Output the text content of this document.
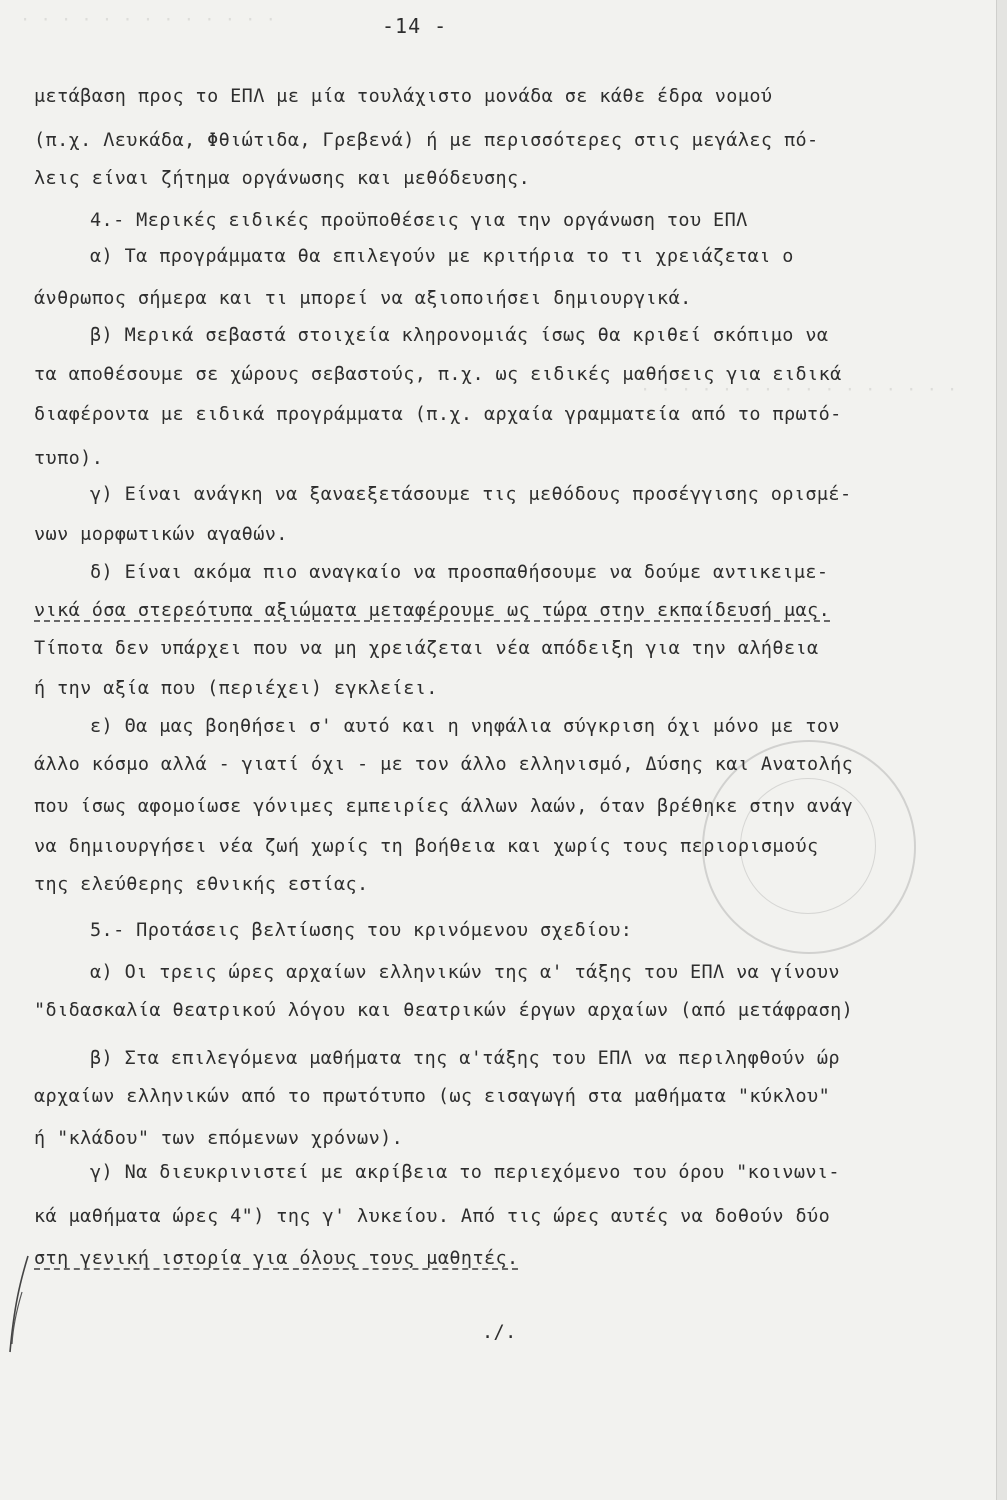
· · · · · · · · · · · · ·
· · · · · · · · · · · · · · · ·
-14 -
μετάβαση προς το ΕΠΛ με μία τουλάχιστο μονάδα σε κάθε έδρα νομού
(π.χ. Λευκάδα, Φθιώτιδα, Γρεβενά) ή με περισσότερες στις μεγάλες πό-
λεις είναι ζήτημα οργάνωσης και μεθόδευσης.
4.- Μερικές ειδικές προϋποθέσεις για την οργάνωση του ΕΠΛ
α) Τα προγράμματα θα επιλεγούν με κριτήρια το τι χρειάζεται ο
άνθρωπος σήμερα και τι μπορεί να αξιοποιήσει δημιουργικά.
β) Μερικά σεβαστά στοιχεία κληρονομιάς ίσως θα κριθεί σκόπιμο να
τα αποθέσουμε σε χώρους σεβαστούς, π.χ. ως ειδικές μαθήσεις για ειδικά
διαφέροντα με ειδικά προγράμματα (π.χ. αρχαία γραμματεία από το πρωτό-
τυπο).
γ) Είναι ανάγκη να ξαναεξετάσουμε τις μεθόδους προσέγγισης ορισμέ-
νων μορφωτικών αγαθών.
δ) Είναι ακόμα πιο αναγκαίο να προσπαθήσουμε να δούμε αντικειμε-
νικά όσα στερεότυπα αξιώματα μεταφέρουμε ως τώρα στην εκπαίδευσή μας.
Τίποτα δεν υπάρχει που να μη χρειάζεται νέα απόδειξη για την αλήθεια
ή την αξία που (περιέχει) εγκλείει.
ε) Θα μας βοηθήσει σ' αυτό και η νηφάλια σύγκριση όχι μόνο με τον
άλλο κόσμο αλλά - γιατί όχι - με τον άλλο ελληνισμό, Δύσης και Ανατολής
που ίσως αφομοίωσε γόνιμες εμπειρίες άλλων λαών, όταν βρέθηκε στην ανάγ
να δημιουργήσει νέα ζωή χωρίς τη βοήθεια και χωρίς τους περιορισμούς
της ελεύθερης εθνικής εστίας.
5.- Προτάσεις βελτίωσης του κρινόμενου σχεδίου:
α) Οι τρεις ώρες αρχαίων ελληνικών της α' τάξης του ΕΠΛ να γίνουν
"διδασκαλία θεατρικού λόγου και θεατρικών έργων αρχαίων (από μετάφραση)
β) Στα επιλεγόμενα μαθήματα της α'τάξης του ΕΠΛ να περιληφθούν ώρ
αρχαίων ελληνικών από το πρωτότυπο (ως εισαγωγή στα μαθήματα "κύκλου"
ή "κλάδου" των επόμενων χρόνων).
γ) Να διευκρινιστεί με ακρίβεια το περιεχόμενο του όρου "κοινωνι-
κά μαθήματα ώρες 4") της γ' λυκείου. Από τις ώρες αυτές να δοθούν δύο
στη γενική ιστορία για όλους τους μαθητές.
./.
